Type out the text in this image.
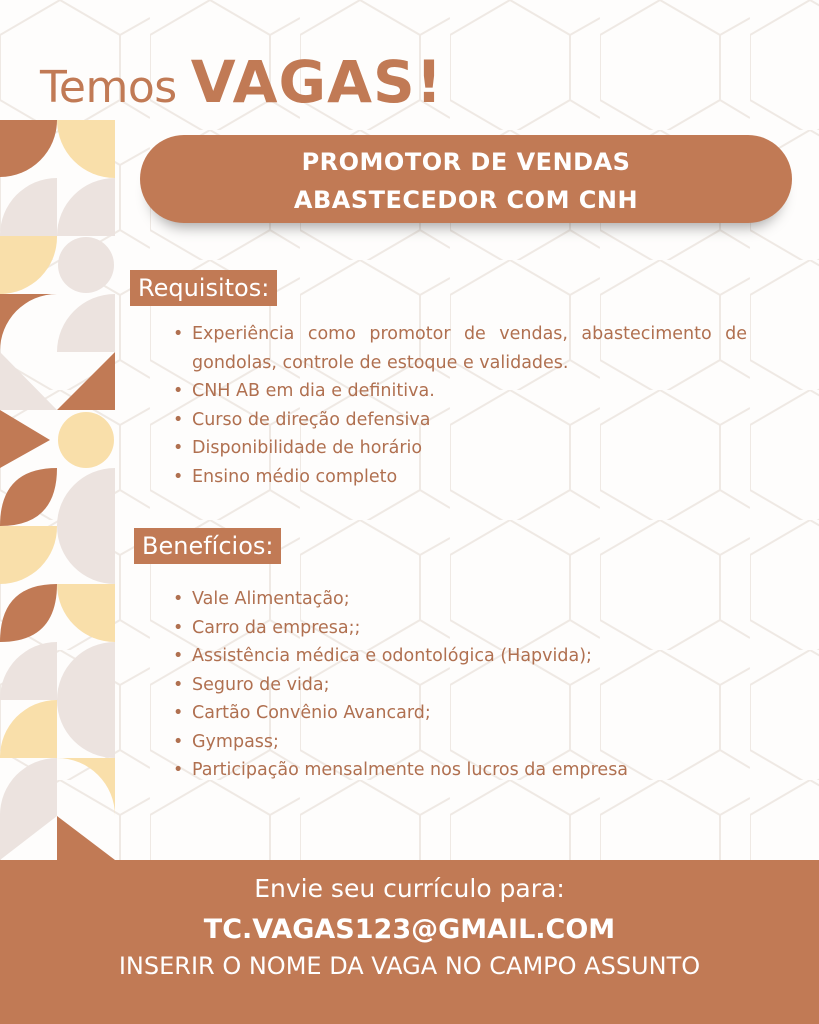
Temos VAGAS!
PROMOTOR DE VENDAS
ABASTECEDOR COM CNH
Requisitos:
• Experiência como promotor de vendas, abastecimento de gondolas, controle de estoque e validades.
• CNH AB em dia e definitiva.
• Curso de direção defensiva
• Disponibilidade de horário
• Ensino médio completo
Benefícios:
• Vale Alimentação;
• Carro da empresa;;
• Assistência médica e odontológica (Hapvida);
• Seguro de vida;
• Cartão Convênio Avancard;
• Gympass;
• Participação mensalmente nos lucros da empresa
Envie seu currículo para:
TC.VAGAS123@GMAIL.COM
INSERIR O NOME DA VAGA NO CAMPO ASSUNTO
